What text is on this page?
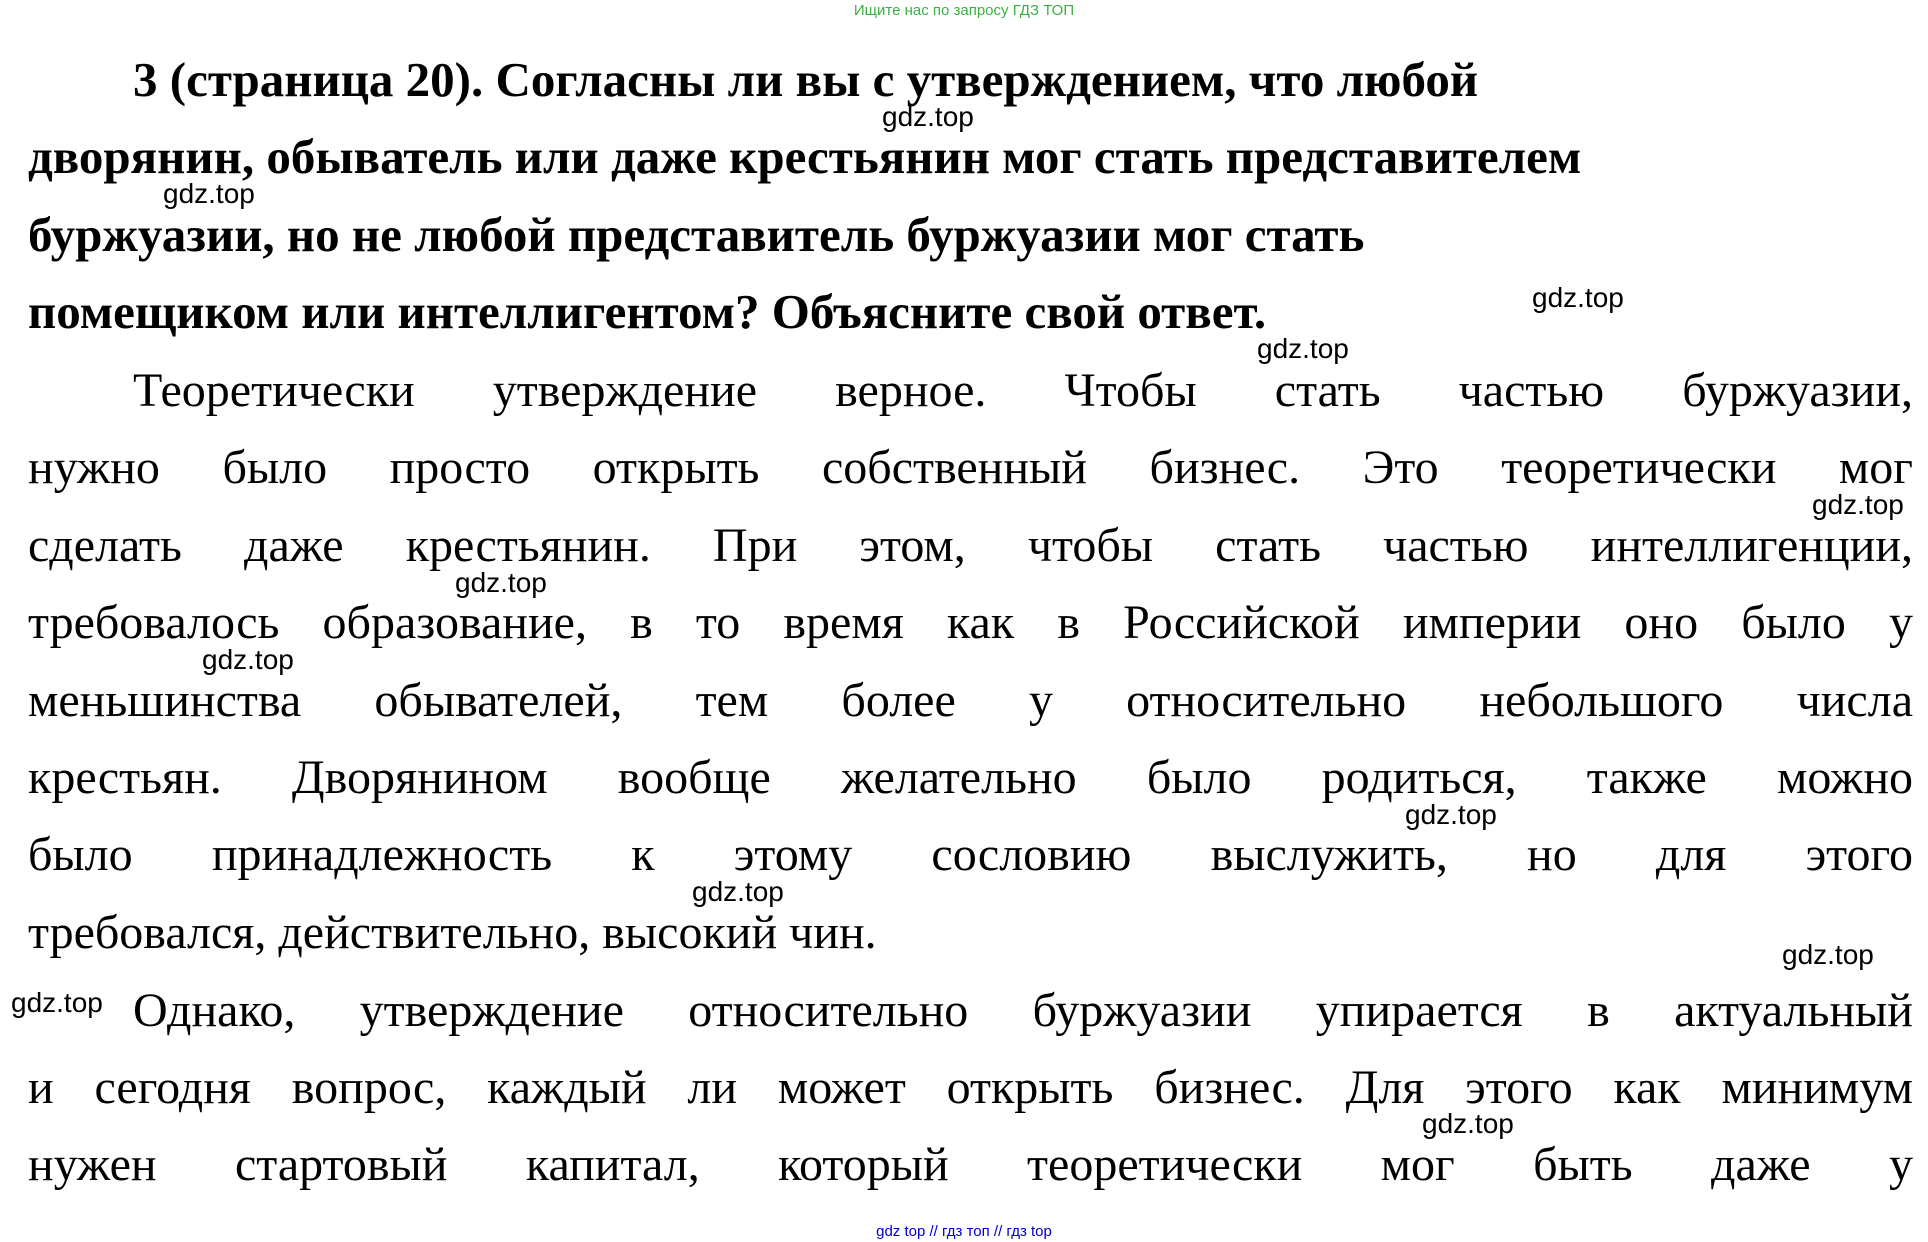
Ищите нас по запросу ГДЗ ТОП
3 (страница 20). Согласны ли вы с утверждением, что любой
дворянин, обыватель или даже крестьянин мог стать представителем
буржуазии, но не любой представитель буржуазии мог стать
помещиком или интеллигентом? Объясните свой ответ.
Теоретически утверждение верное. Чтобы стать частью буржуазии,
нужно было просто открыть собственный бизнес. Это теоретически мог
сделать даже крестьянин. При этом, чтобы стать частью интеллигенции,
требовалось образование, в то время как в Российской империи оно было у
меньшинства обывателей, тем более у относительно небольшого числа
крестьян. Дворянином вообще желательно было родиться, также можно
было принадлежность к этому сословию выслужить, но для этого
требовался, действительно, высокий чин.
Однако, утверждение относительно буржуазии упирается в актуальный
и сегодня вопрос, каждый ли может открыть бизнес. Для этого как минимум
нужен стартовый капитал, который теоретически мог быть даже у
gdz.top
gdz.top
gdz.top
gdz.top
gdz.top
gdz.top
gdz.top
gdz.top
gdz.top
gdz.top
gdz.top
gdz.top
gdz top // гдз топ // гдз top
